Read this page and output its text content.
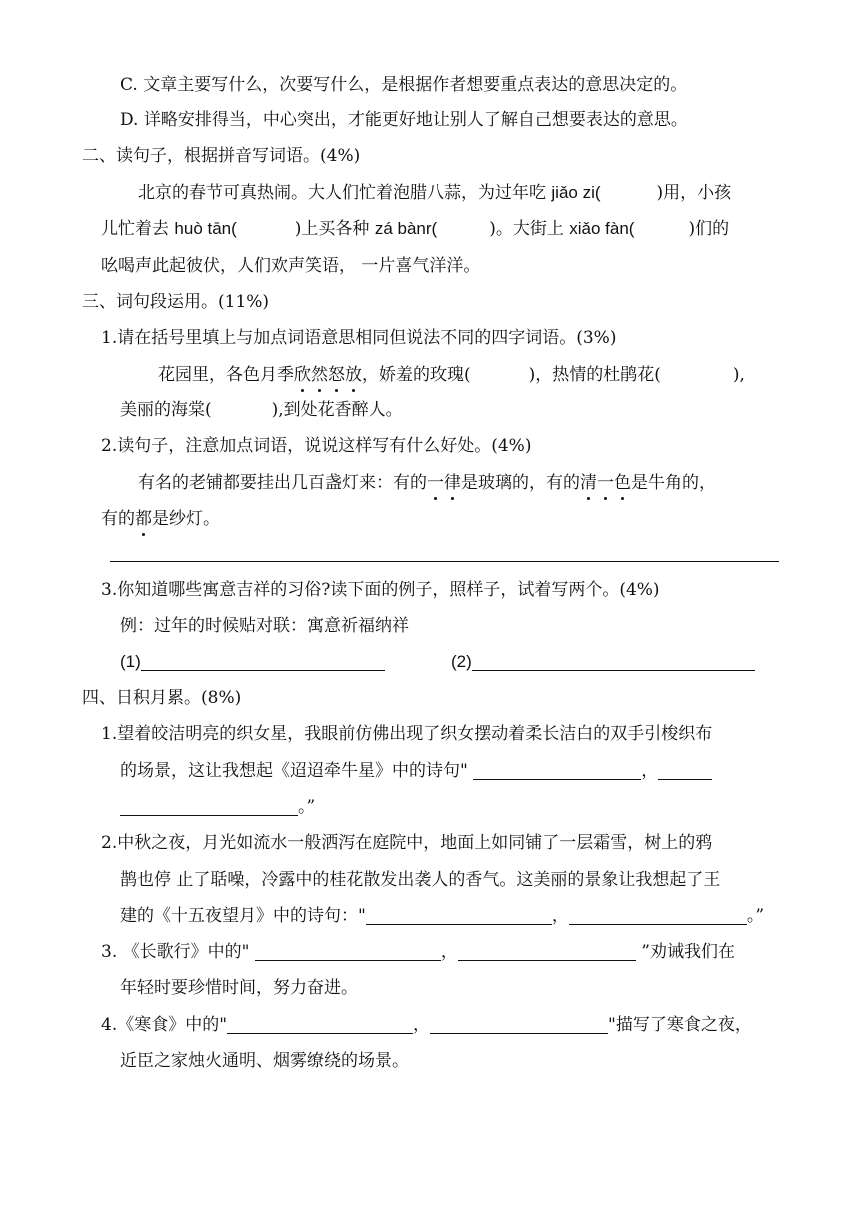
C. 文章主要写什么，次要写什么，是根据作者想要重点表达的意思决定的。
D. 详略安排得当，中心突出，才能更好地让别人了解自己想要表达的意思。
二、读句子，根据拼音写词语。(4%)
北京的春节可真热闹。大人们忙着泡腊八蒜，为过年吃 jiǎo zi(	)用，小孩
儿忙着去 huò tān(	)上买各种 zá bànr(	)。大街上 xiǎo fàn(	)们的
吆喝声此起彼伏，人们欢声笑语， 一片喜气洋洋。
三、词句段运用。(11%)
1.请在括号里填上与加点词语意思相同但说法不同的四字词语。(3%)
花园里，各色月季欣然怒放，娇羞的玫瑰(	)，热情的杜鹃花(	),
美丽的海棠(	),到处花香醉人。
2.读句子，注意加点词语，说说这样写有什么好处。(4%)
有名的老铺都要挂出几百盏灯来：有的一律是玻璃的，有的清一色是牛角的，
有的都是纱灯。
3.你知道哪些寓意吉祥的习俗?读下面的例子，照样子，试着写两个。(4%)
例：过年的时候贴对联：寓意祈福纳祥
(1)	(2)
四、日积月累。(8%)
1.望着皎洁明亮的织女星，我眼前仿佛出现了织女摆动着柔长洁白的双手引梭织布
的场景，这让我想起《迢迢牵牛星》中的诗句"	，
。”
2.中秋之夜，月光如流水一般洒泻在庭院中，地面上如同铺了一层霜雪，树上的鸦
鹊也停 止了聒噪，冷露中的桂花散发出袭人的香气。这美丽的景象让我想起了王
建的《十五夜望月》中的诗句："	，	。”
3. 《长歌行》中的"	，	”劝诫我们在
年轻时要珍惜时间，努力奋进。
4.《寒食》中的"	，	"描写了寒食之夜，
近臣之家烛火通明、烟雾缭绕的场景。
